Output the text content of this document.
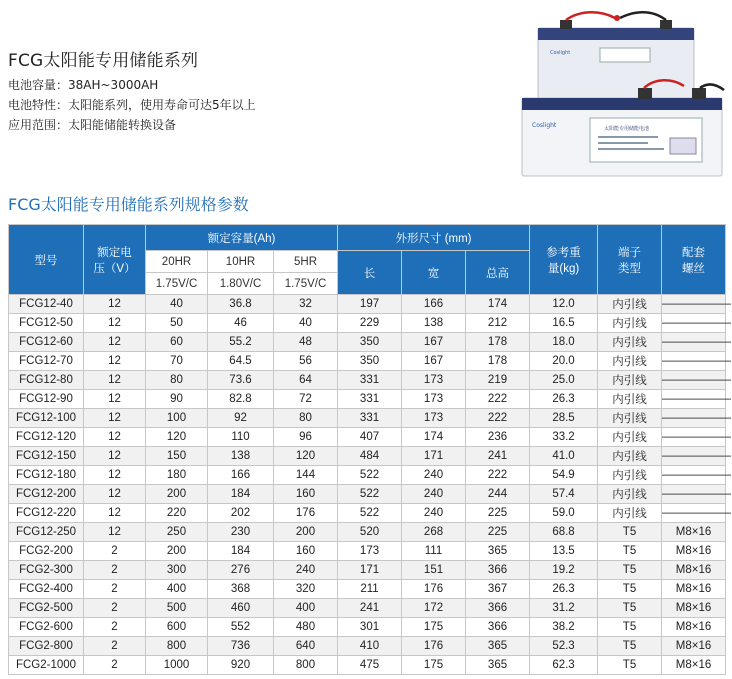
FCG太阳能专用储能系列
电池容量：38AH~3000AH
电池特性：太阳能系列，使用寿命可达5年以上
应用范围：太阳能储能转换设备
Coslight
Coslight	太阳能专用储能电池
FCG太阳能专用储能系列规格参数
型号	额定电压（V）	额定容量(Ah)			外形尺寸 (mm)			参考重量(kg)	端子类型	配套螺丝
		20HR	10HR	5HR	长	宽	总高			
		1.75V/C	1.80V/C	1.75V/C						
FCG12-40	12	40	36.8	32	197	166	174	12.0	内引线	——————
FCG12-50	12	50	46	40	229	138	212	16.5	内引线	——————
FCG12-60	12	60	55.2	48	350	167	178	18.0	内引线	——————
FCG12-70	12	70	64.5	56	350	167	178	20.0	内引线	——————
FCG12-80	12	80	73.6	64	331	173	219	25.0	内引线	——————
FCG12-90	12	90	82.8	72	331	173	222	26.3	内引线	——————
FCG12-100	12	100	92	80	331	173	222	28.5	内引线	——————
FCG12-120	12	120	110	96	407	174	236	33.2	内引线	——————
FCG12-150	12	150	138	120	484	171	241	41.0	内引线	——————
FCG12-180	12	180	166	144	522	240	222	54.9	内引线	——————
FCG12-200	12	200	184	160	522	240	244	57.4	内引线	——————
FCG12-220	12	220	202	176	522	240	225	59.0	内引线	——————
FCG12-250	12	250	230	200	520	268	225	68.8	T5	M8×16
FCG2-200	2	200	184	160	173	111	365	13.5	T5	M8×16
FCG2-300	2	300	276	240	171	151	366	19.2	T5	M8×16
FCG2-400	2	400	368	320	211	176	367	26.3	T5	M8×16
FCG2-500	2	500	460	400	241	172	366	31.2	T5	M8×16
FCG2-600	2	600	552	480	301	175	366	38.2	T5	M8×16
FCG2-800	2	800	736	640	410	176	365	52.3	T5	M8×16
FCG2-1000	2	1000	920	800	475	175	365	62.3	T5	M8×16
